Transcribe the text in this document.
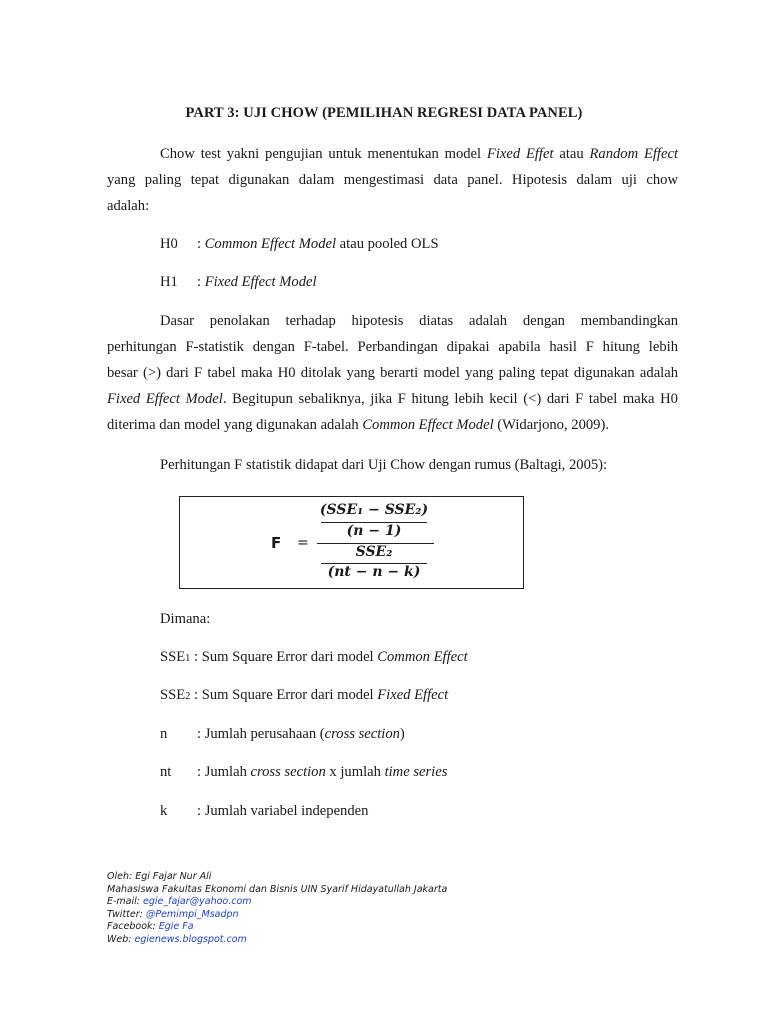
PART 3: UJI CHOW (PEMILIHAN REGRESI DATA PANEL)
Chow test yakni pengujian untuk menentukan model Fixed Effet atau Random Effect
yang paling tepat digunakan dalam mengestimasi data panel. Hipotesis dalam uji chow
adalah:
H0 : Common Effect Model atau pooled OLS
H1 : Fixed Effect Model
Dasar penolakan terhadap hipotesis diatas adalah dengan membandingkan
perhitungan F-statistik dengan F-tabel. Perbandingan dipakai apabila hasil F hitung lebih
besar (>) dari F tabel maka H0 ditolak yang berarti model yang paling tepat digunakan adalah
Fixed Effect Model. Begitupun sebaliknya, jika F hitung lebih kecil (<) dari F tabel maka H0
diterima dan model yang digunakan adalah Common Effect Model (Widarjono, 2009).
Perhitungan F statistik didapat dari Uji Chow dengan rumus (Baltagi, 2005):
F =
(SSE₁ − SSE₂)
(n − 1)
SSE₂
(nt − n − k)
Dimana:
SSE1 : Sum Square Error dari model Common Effect
SSE2 : Sum Square Error dari model Fixed Effect
n : Jumlah perusahaan (cross section)
nt : Jumlah cross section x jumlah time series
k : Jumlah variabel independen
Oleh: Egi Fajar Nur Ali
Mahasiswa Fakultas Ekonomi dan Bisnis UIN Syarif Hidayatullah Jakarta
E-mail: egie_fajar@yahoo.com
Twitter: @Pemimpi_Msadpn
Facebook: Egie Fa
Web: egienews.blogspot.com
